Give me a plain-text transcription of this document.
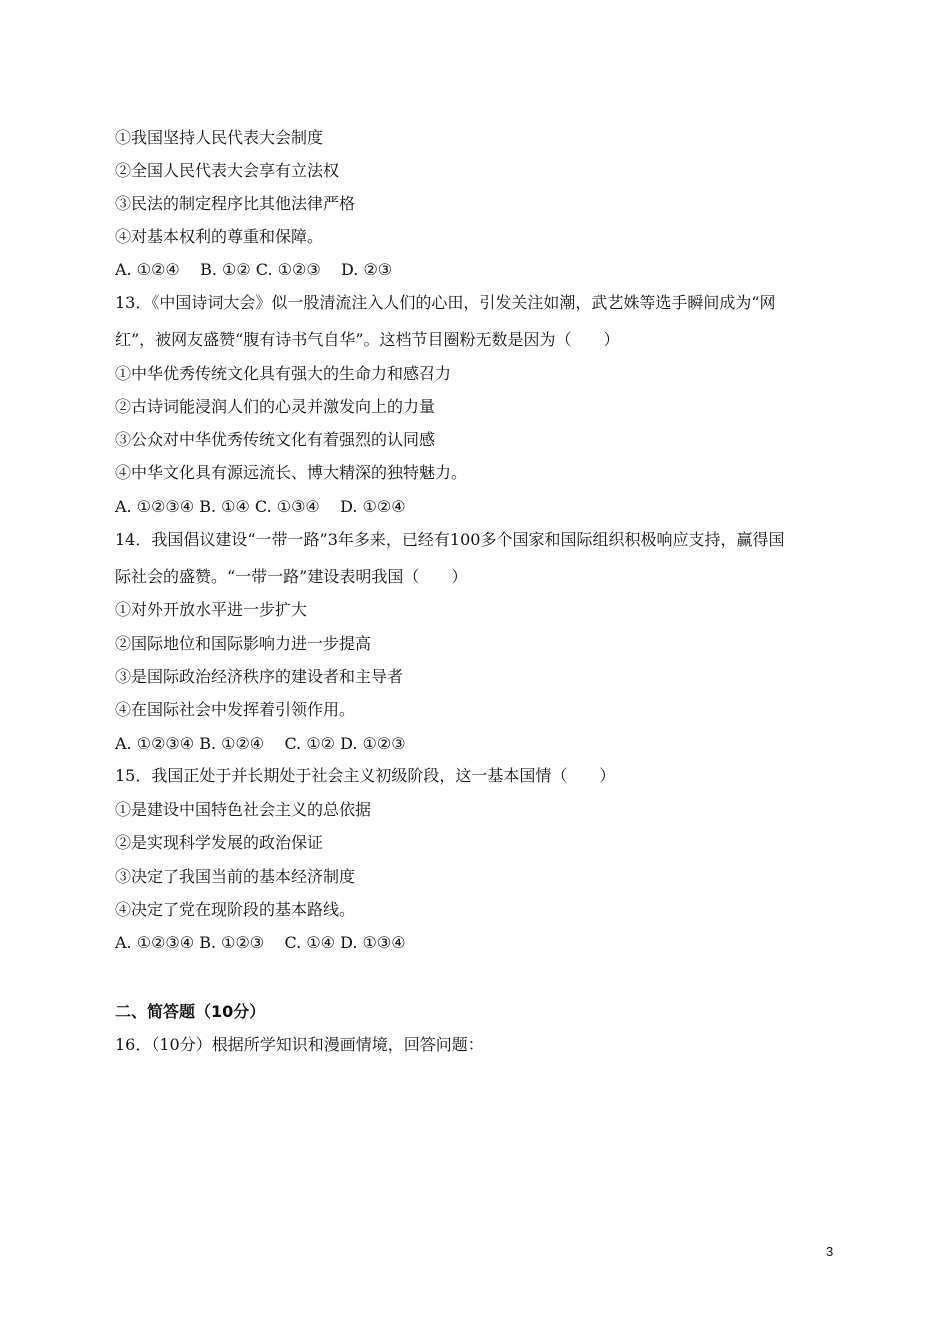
①我国坚持人民代表大会制度
②全国人民代表大会享有立法权
③民法的制定程序比其他法律严格
④对基本权利的尊重和保障。
A. ①②④    B. ①② C. ①②③    D. ②③
13．《中国诗词大会》似一股清流注入人们的心田，引发关注如潮，武艺姝等选手瞬间成为“网
红”，被网友盛赞“腹有诗书气自华”。这档节目圈粉无数是因为（　　）
①中华优秀传统文化具有强大的生命力和感召力
②古诗词能浸润人们的心灵并激发向上的力量
③公众对中华优秀传统文化有着强烈的认同感
④中华文化具有源远流长、博大精深的独特魅力。
A. ①②③④ B. ①④ C. ①③④    D. ①②④
14．我国倡议建设“一带一路”3年多来，已经有100多个国家和国际组织积极响应支持，赢得国
际社会的盛赞。“一带一路”建设表明我国（　　）
①对外开放水平进一步扩大
②国际地位和国际影响力进一步提高
③是国际政治经济秩序的建设者和主导者
④在国际社会中发挥着引领作用。
A. ①②③④ B. ①②④    C. ①② D. ①②③
15．我国正处于并长期处于社会主义初级阶段，这一基本国情（　　）
①是建设中国特色社会主义的总依据
②是实现科学发展的政治保证
③决定了我国当前的基本经济制度
④决定了党在现阶段的基本路线。
A. ①②③④ B. ①②③    C. ①④ D. ①③④
二、简答题（10分）
16．（10分）根据所学知识和漫画情境，回答问题：
3
